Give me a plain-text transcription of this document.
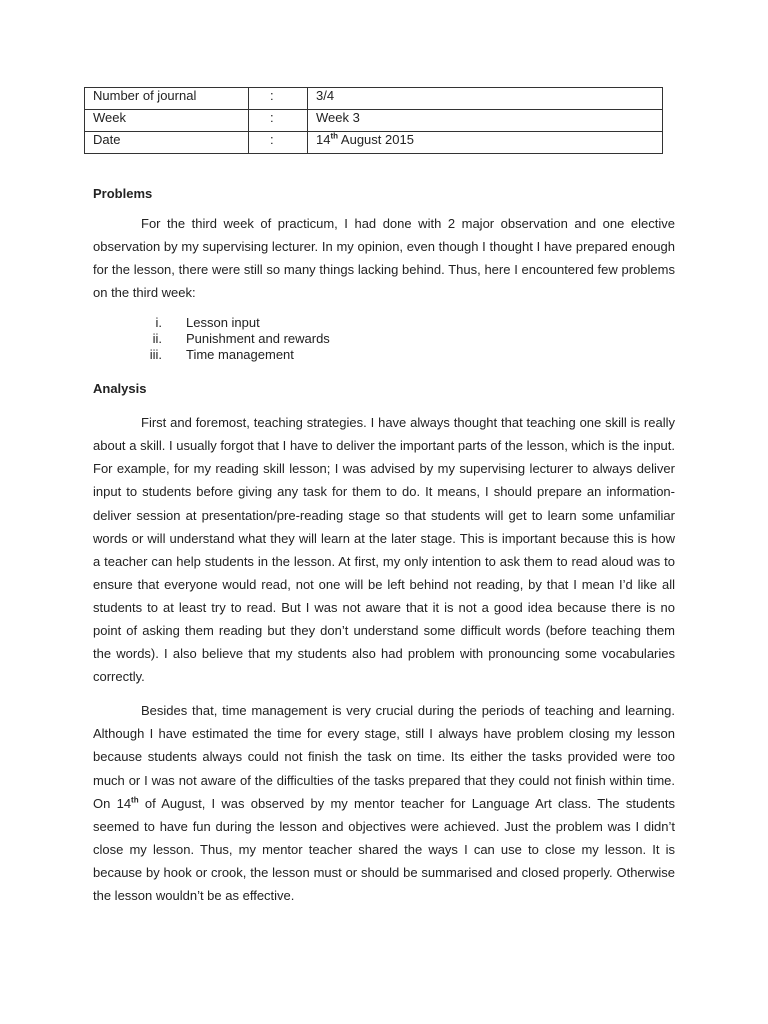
Number of journal	:	3/4
Week	:	Week 3
Date	:	14th August 2015
Problems

For the third week of practicum, I had done with 2 major observation and one elective observation by my supervising lecturer. In my opinion, even though I thought I have prepared enough for the lesson, there were still so many things lacking behind. Thus, here I encountered few problems on the third week:

i. Lesson input
ii. Punishment and rewards
iii. Time management
Analysis

First and foremost, teaching strategies. I have always thought that teaching one skill is really about a skill. I usually forgot that I have to deliver the important parts of the lesson, which is the input. For example, for my reading skill lesson; I was advised by my supervising lecturer to always deliver input to students before giving any task for them to do. It means, I should prepare an information-deliver session at presentation/pre-reading stage so that students will get to learn some unfamiliar words or will understand what they will learn at the later stage. This is important because this is how a teacher can help students in the lesson. At first, my only intention to ask them to read aloud was to ensure that everyone would read, not one will be left behind not reading, by that I mean I’d like all students to at least try to read. But I was not aware that it is not a good idea because there is no point of asking them reading but they don’t understand some difficult words (before teaching them the words). I also believe that my students also had problem with pronouncing some vocabularies correctly.

Besides that, time management is very crucial during the periods of teaching and learning. Although I have estimated the time for every stage, still I always have problem closing my lesson because students always could not finish the task on time. Its either the tasks provided were too much or I was not aware of the difficulties of the tasks prepared that they could not finish within time. On 14th of August, I was observed by my mentor teacher for Language Art class. The students seemed to have fun during the lesson and objectives were achieved. Just the problem was I didn’t close my lesson. Thus, my mentor teacher shared the ways I can use to close my lesson. It is because by hook or crook, the lesson must or should be summarised and closed properly. Otherwise the lesson wouldn’t be as effective.
